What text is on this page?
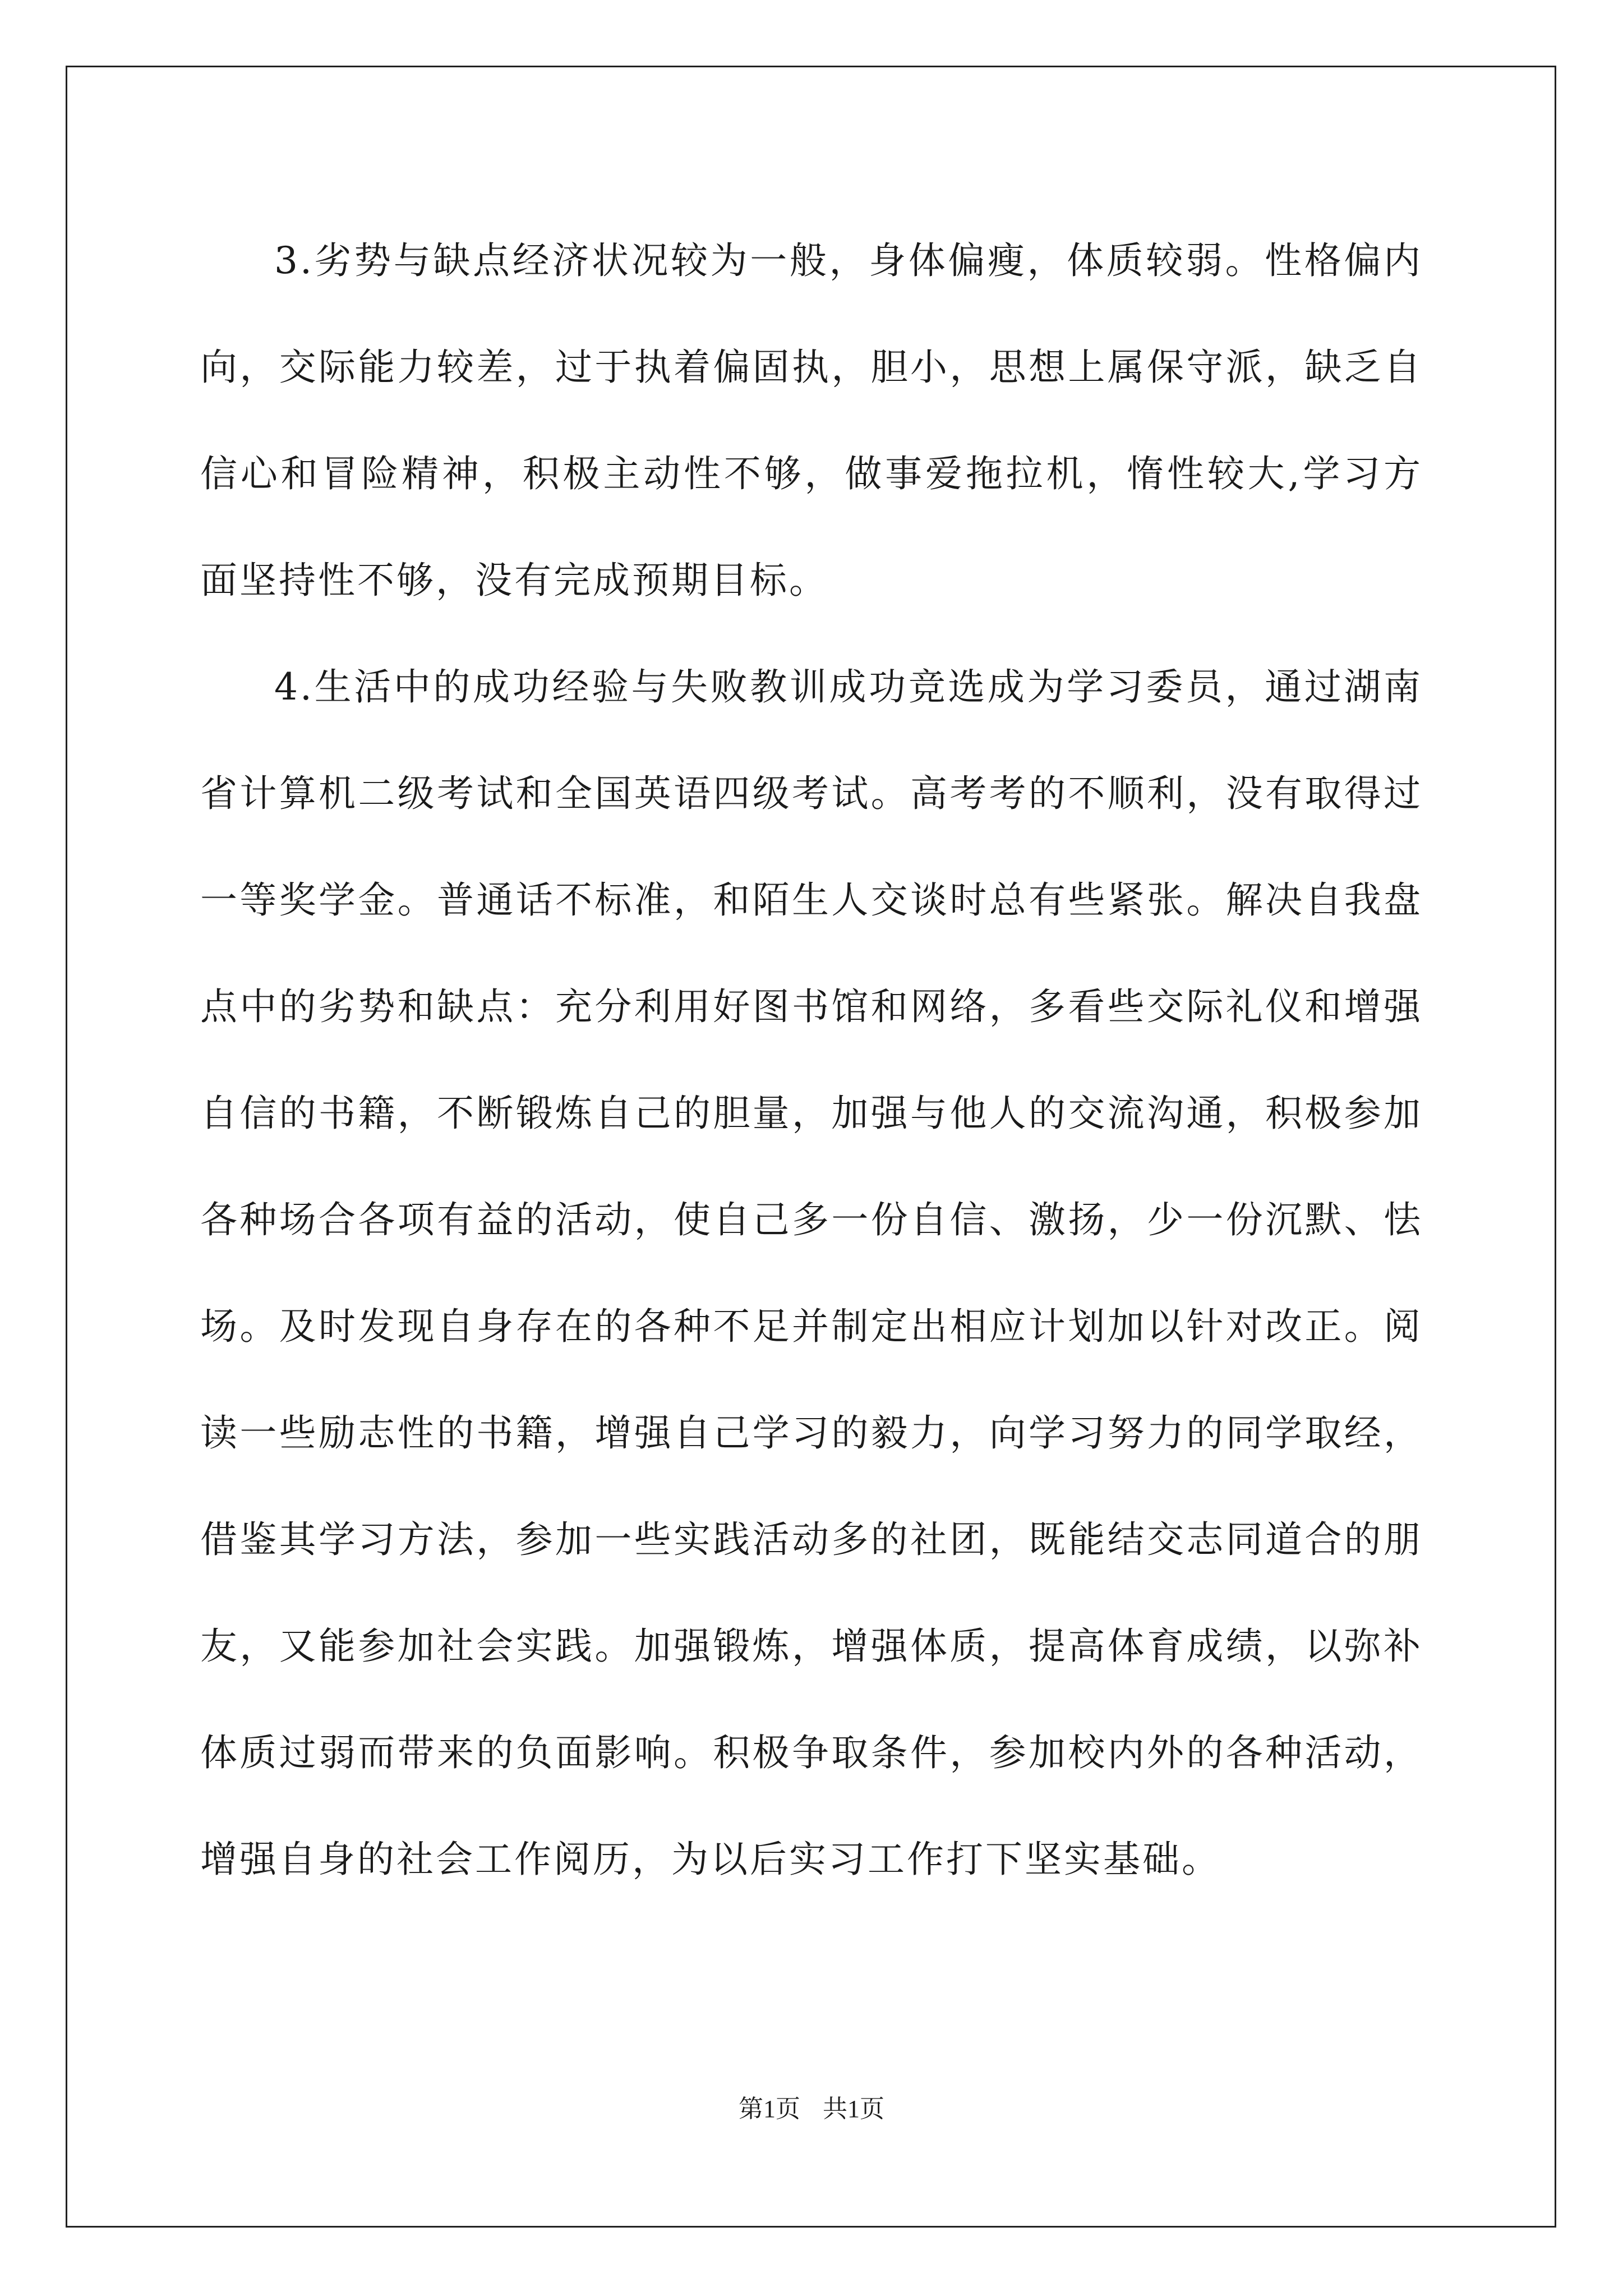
3.劣势与缺点经济状况较为一般，身体偏瘦，体质较弱。性格偏内向，交际能力较差，过于执着偏固执，胆小，思想上属保守派，缺乏自信心和冒险精神，积极主动性不够，做事爱拖拉机，惰性较大,学习方面坚持性不够，没有完成预期目标。

4.生活中的成功经验与失败教训成功竞选成为学习委员，通过湖南省计算机二级考试和全国英语四级考试。高考考的不顺利，没有取得过一等奖学金。普通话不标准，和陌生人交谈时总有些紧张。解决自我盘点中的劣势和缺点：充分利用好图书馆和网络，多看些交际礼仪和增强自信的书籍，不断锻炼自己的胆量，加强与他人的交流沟通，积极参加各种场合各项有益的活动，使自己多一份自信、激扬，少一份沉默、怯场。及时发现自身存在的各种不足并制定出相应计划加以针对改正。阅读一些励志性的书籍，增强自己学习的毅力，向学习努力的同学取经，借鉴其学习方法，参加一些实践活动多的社团，既能结交志同道合的朋友，又能参加社会实践。加强锻炼，增强体质，提高体育成绩，以弥补体质过弱而带来的负面影响。积极争取条件，参加校内外的各种活动，增强自身的社会工作阅历，为以后实习工作打下坚实基础。

第1页 共1页
